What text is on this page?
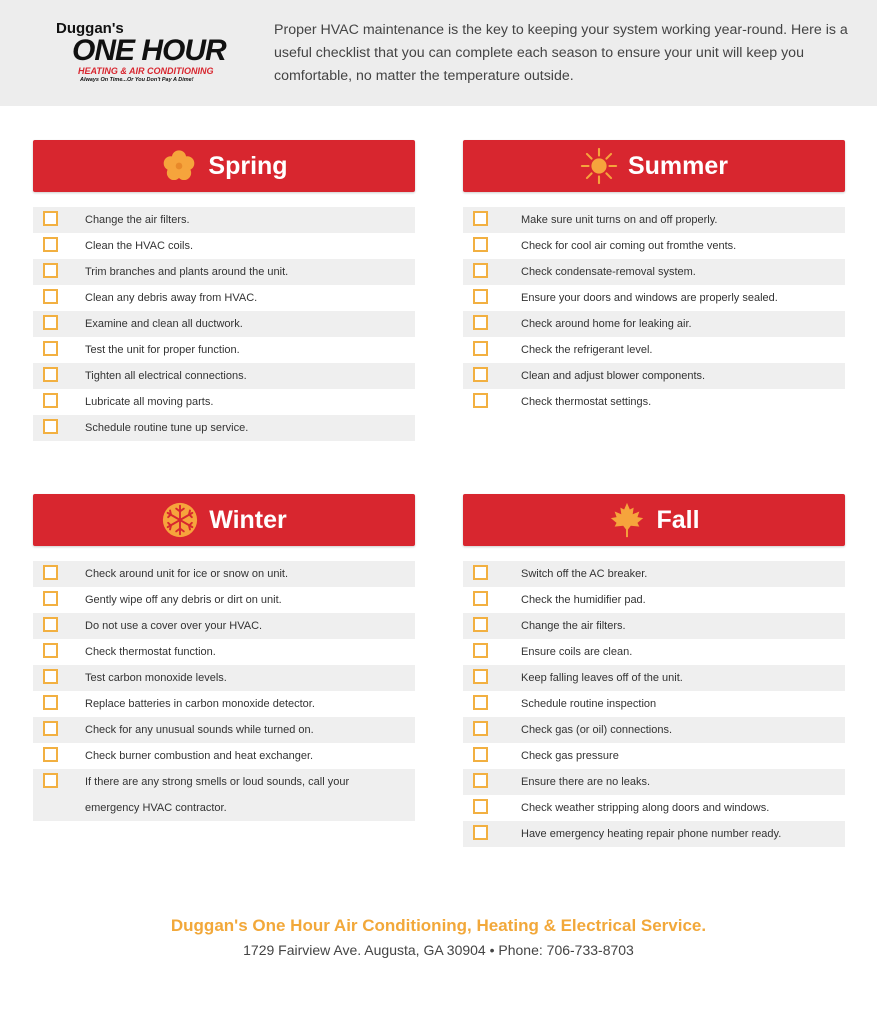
Duggan's
ONE HOUR
HEATING & AIR CONDITIONING
Always On Time...Or You Don't Pay A Dime!
Proper HVAC maintenance is the key to keeping your system working year-round. Here is a useful checklist that you can complete each season to ensure your unit will keep you comfortable, no matter the temperature outside.
Spring
Change the air filters.
Clean the HVAC coils.
Trim branches and plants around the unit.
Clean any debris away from HVAC.
Examine and clean all ductwork.
Test the unit for proper function.
Tighten all electrical connections.
Lubricate all moving parts.
Schedule routine tune up service.
Summer
Make sure unit turns on and off properly.
Check for cool air coming out fromthe vents.
Check condensate-removal system.
Ensure your doors and windows are properly sealed.
Check around home for leaking air.
Check the refrigerant level.
Clean and adjust blower components.
Check thermostat settings.
Winter
Check around unit for ice or snow on unit.
Gently wipe off any debris or dirt on unit.
Do not use a cover over your HVAC.
Check thermostat function.
Test carbon monoxide levels.
Replace batteries in carbon monoxide detector.
Check for any unusual sounds while turned on.
Check burner combustion and heat exchanger.
If there are any strong smells or loud sounds, call your emergency HVAC contractor.
Fall
Switch off the AC breaker.
Check the humidifier pad.
Change the air filters.
Ensure coils are clean.
Keep falling leaves off of the unit.
Schedule routine inspection
Check gas (or oil) connections.
Check gas pressure
Ensure there are no leaks.
Check weather stripping along doors and windows.
Have emergency heating repair phone number ready.
Duggan's One Hour Air Conditioning, Heating & Electrical Service.
1729 Fairview Ave. Augusta, GA 30904 • Phone: 706-733-8703
